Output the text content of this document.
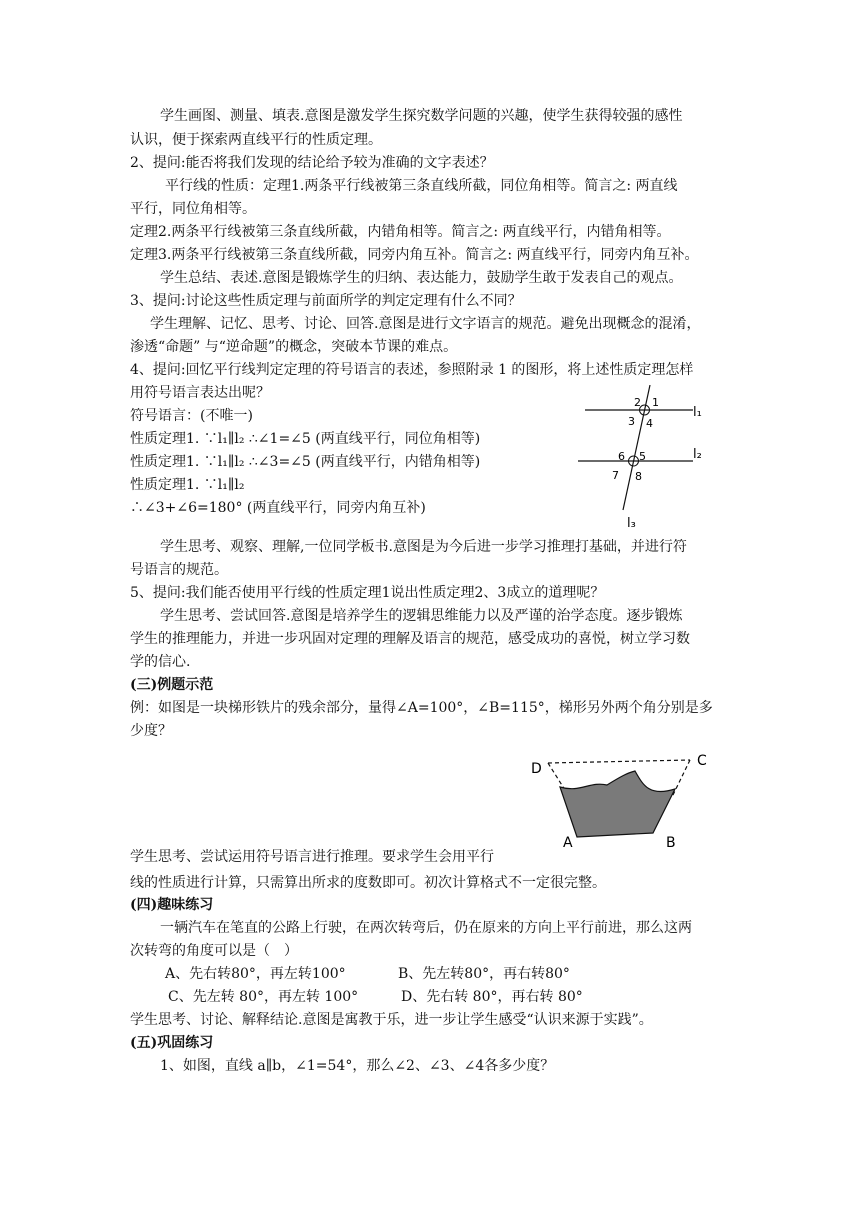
学生画图、测量、填表.意图是激发学生探究数学问题的兴趣，使学生获得较强的感性
认识，便于探索两直线平行的性质定理。
2、提问:能否将我们发现的结论给予较为准确的文字表述？
平行线的性质：定理1.两条平行线被第三条直线所截，同位角相等。简言之: 两直线
平行，同位角相等。
定理2.两条平行线被第三条直线所截，内错角相等。简言之: 两直线平行，内错角相等。
定理3.两条平行线被第三条直线所截，同旁内角互补。简言之: 两直线平行，同旁内角互补。
学生总结、表述.意图是锻炼学生的归纳、表达能力，鼓励学生敢于发表自己的观点。
3、提问:讨论这些性质定理与前面所学的判定定理有什么不同？
学生理解、记忆、思考、讨论、回答.意图是进行文字语言的规范。避免出现概念的混淆，
渗透“命题” 与“逆命题”的概念，突破本节课的难点。
4、提问:回忆平行线判定定理的符号语言的表述，参照附录 1 的图形，将上述性质定理怎样
用符号语言表达出呢？
符号语言：(不唯一)
性质定理1. ∵l₁∥l₂ ∴∠1=∠5 (两直线平行，同位角相等)
性质定理1. ∵l₁∥l₂ ∴∠3=∠5 (两直线平行，内错角相等)
性质定理1. ∵l₁∥l₂
∴∠3+∠6=180° (两直线平行，同旁内角互补)
2 1
3 4
6 5
7 8
l₁
l₂
l₃
学生思考、观察、理解,一位同学板书.意图是为今后进一步学习推理打基础，并进行符
号语言的规范。
5、提问:我们能否使用平行线的性质定理1说出性质定理2、3成立的道理呢？
学生思考、尝试回答.意图是培养学生的逻辑思维能力以及严谨的治学态度。逐步锻炼
学生的推理能力，并进一步巩固对定理的理解及语言的规范，感受成功的喜悦，树立学习数
学的信心.
(三)例题示范
例：如图是一块梯形铁片的残余部分，量得∠A=100°，∠B=115°，梯形另外两个角分别是多
少度？
D	C
A	B
学生思考、尝试运用符号语言进行推理。要求学生会用平行
线的性质进行计算，只需算出所求的度数即可。初次计算格式不一定很完整。
(四)趣味练习
一辆汽车在笔直的公路上行驶，在两次转弯后，仍在原来的方向上平行前进，那么这两
次转弯的角度可以是（　）
A、先右转80°，再左转100°	B、先左转80°，再右转80°
C、先左转 80°，再左转 100°	D、先右转 80°，再右转 80°
学生思考、讨论、解释结论.意图是寓教于乐，进一步让学生感受“认识来源于实践”。
(五)巩固练习
1、如图，直线 a∥b，∠1=54°，那么∠2、∠3、∠4各多少度？
